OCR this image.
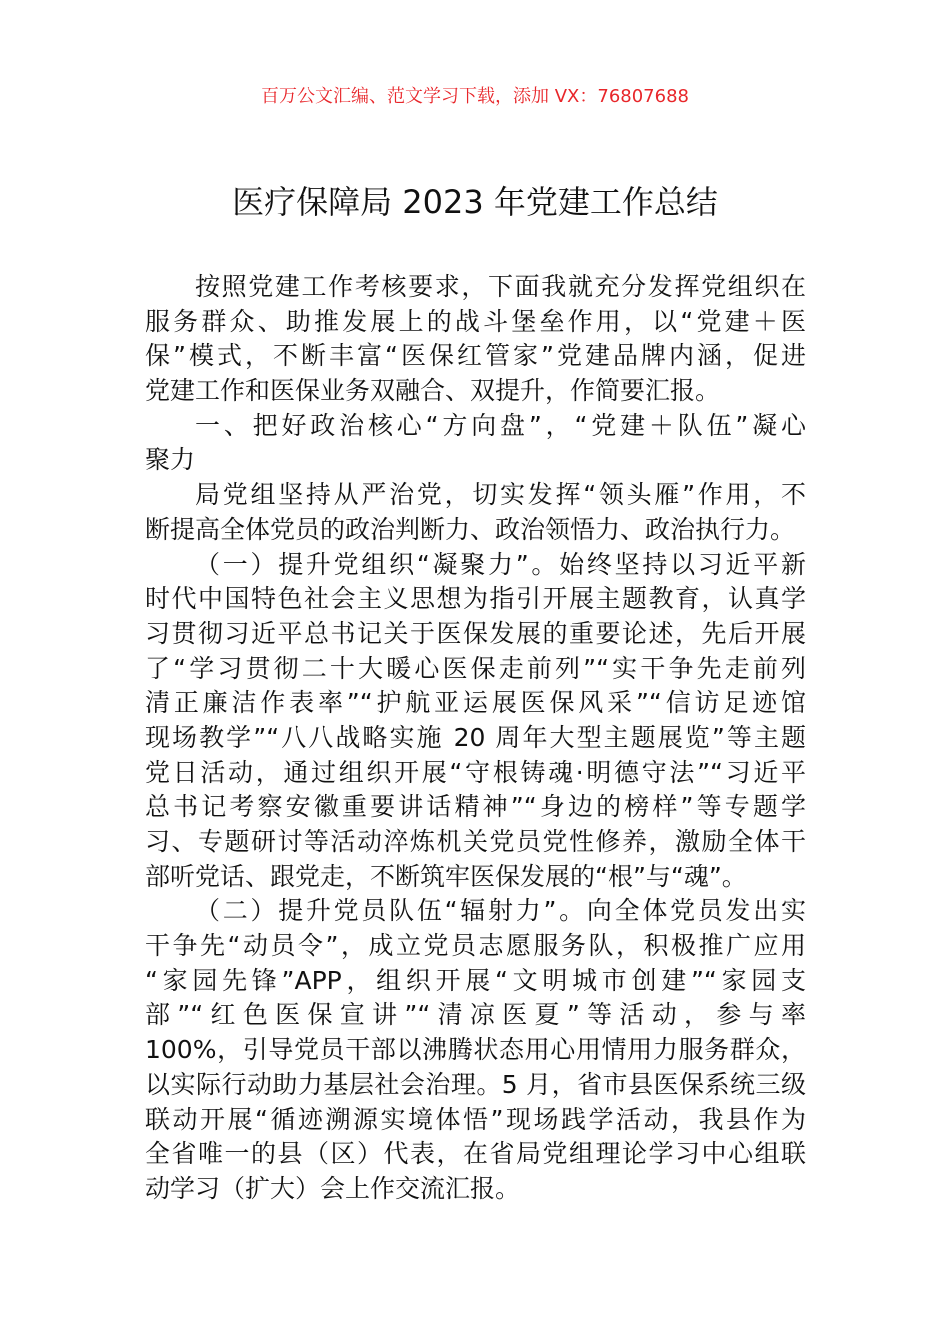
百万公文汇编、范文学习下载，添加 VX：76807688
医疗保障局 2023 年党建工作总结
按照党建工作考核要求，下面我就充分发挥党组织在
服务群众、助推发展上的战斗堡垒作用，以“党建＋医
保”模式，不断丰富“医保红管家”党建品牌内涵，促进
党建工作和医保业务双融合、双提升，作简要汇报。
一、把好政治核心“方向盘”，“党建＋队伍”凝心
聚力
局党组坚持从严治党，切实发挥“领头雁”作用，不
断提高全体党员的政治判断力、政治领悟力、政治执行力。
（一）提升党组织“凝聚力”。始终坚持以习近平新
时代中国特色社会主义思想为指引开展主题教育，认真学
习贯彻习近平总书记关于医保发展的重要论述，先后开展
了“学习贯彻二十大暖心医保走前列”“实干争先走前列
清正廉洁作表率”“护航亚运展医保风采”“信访足迹馆
现场教学”“八八战略实施 20 周年大型主题展览”等主题
党日活动，通过组织开展“守根铸魂·明德守法”“习近平
总书记考察安徽重要讲话精神”“身边的榜样”等专题学
习、专题研讨等活动淬炼机关党员党性修养，激励全体干
部听党话、跟党走，不断筑牢医保发展的“根”与“魂”。
（二）提升党员队伍“辐射力”。向全体党员发出实
干争先“动员令”，成立党员志愿服务队，积极推广应用
“家园先锋”APP，组织开展“文明城市创建”“家园支
部”“红色医保宣讲”“清凉医夏”等活动，参与率
100%，引导党员干部以沸腾状态用心用情用力服务群众，
以实际行动助力基层社会治理。5 月，省市县医保系统三级
联动开展“循迹溯源实境体悟”现场践学活动，我县作为
全省唯一的县（区）代表，在省局党组理论学习中心组联
动学习（扩大）会上作交流汇报。
